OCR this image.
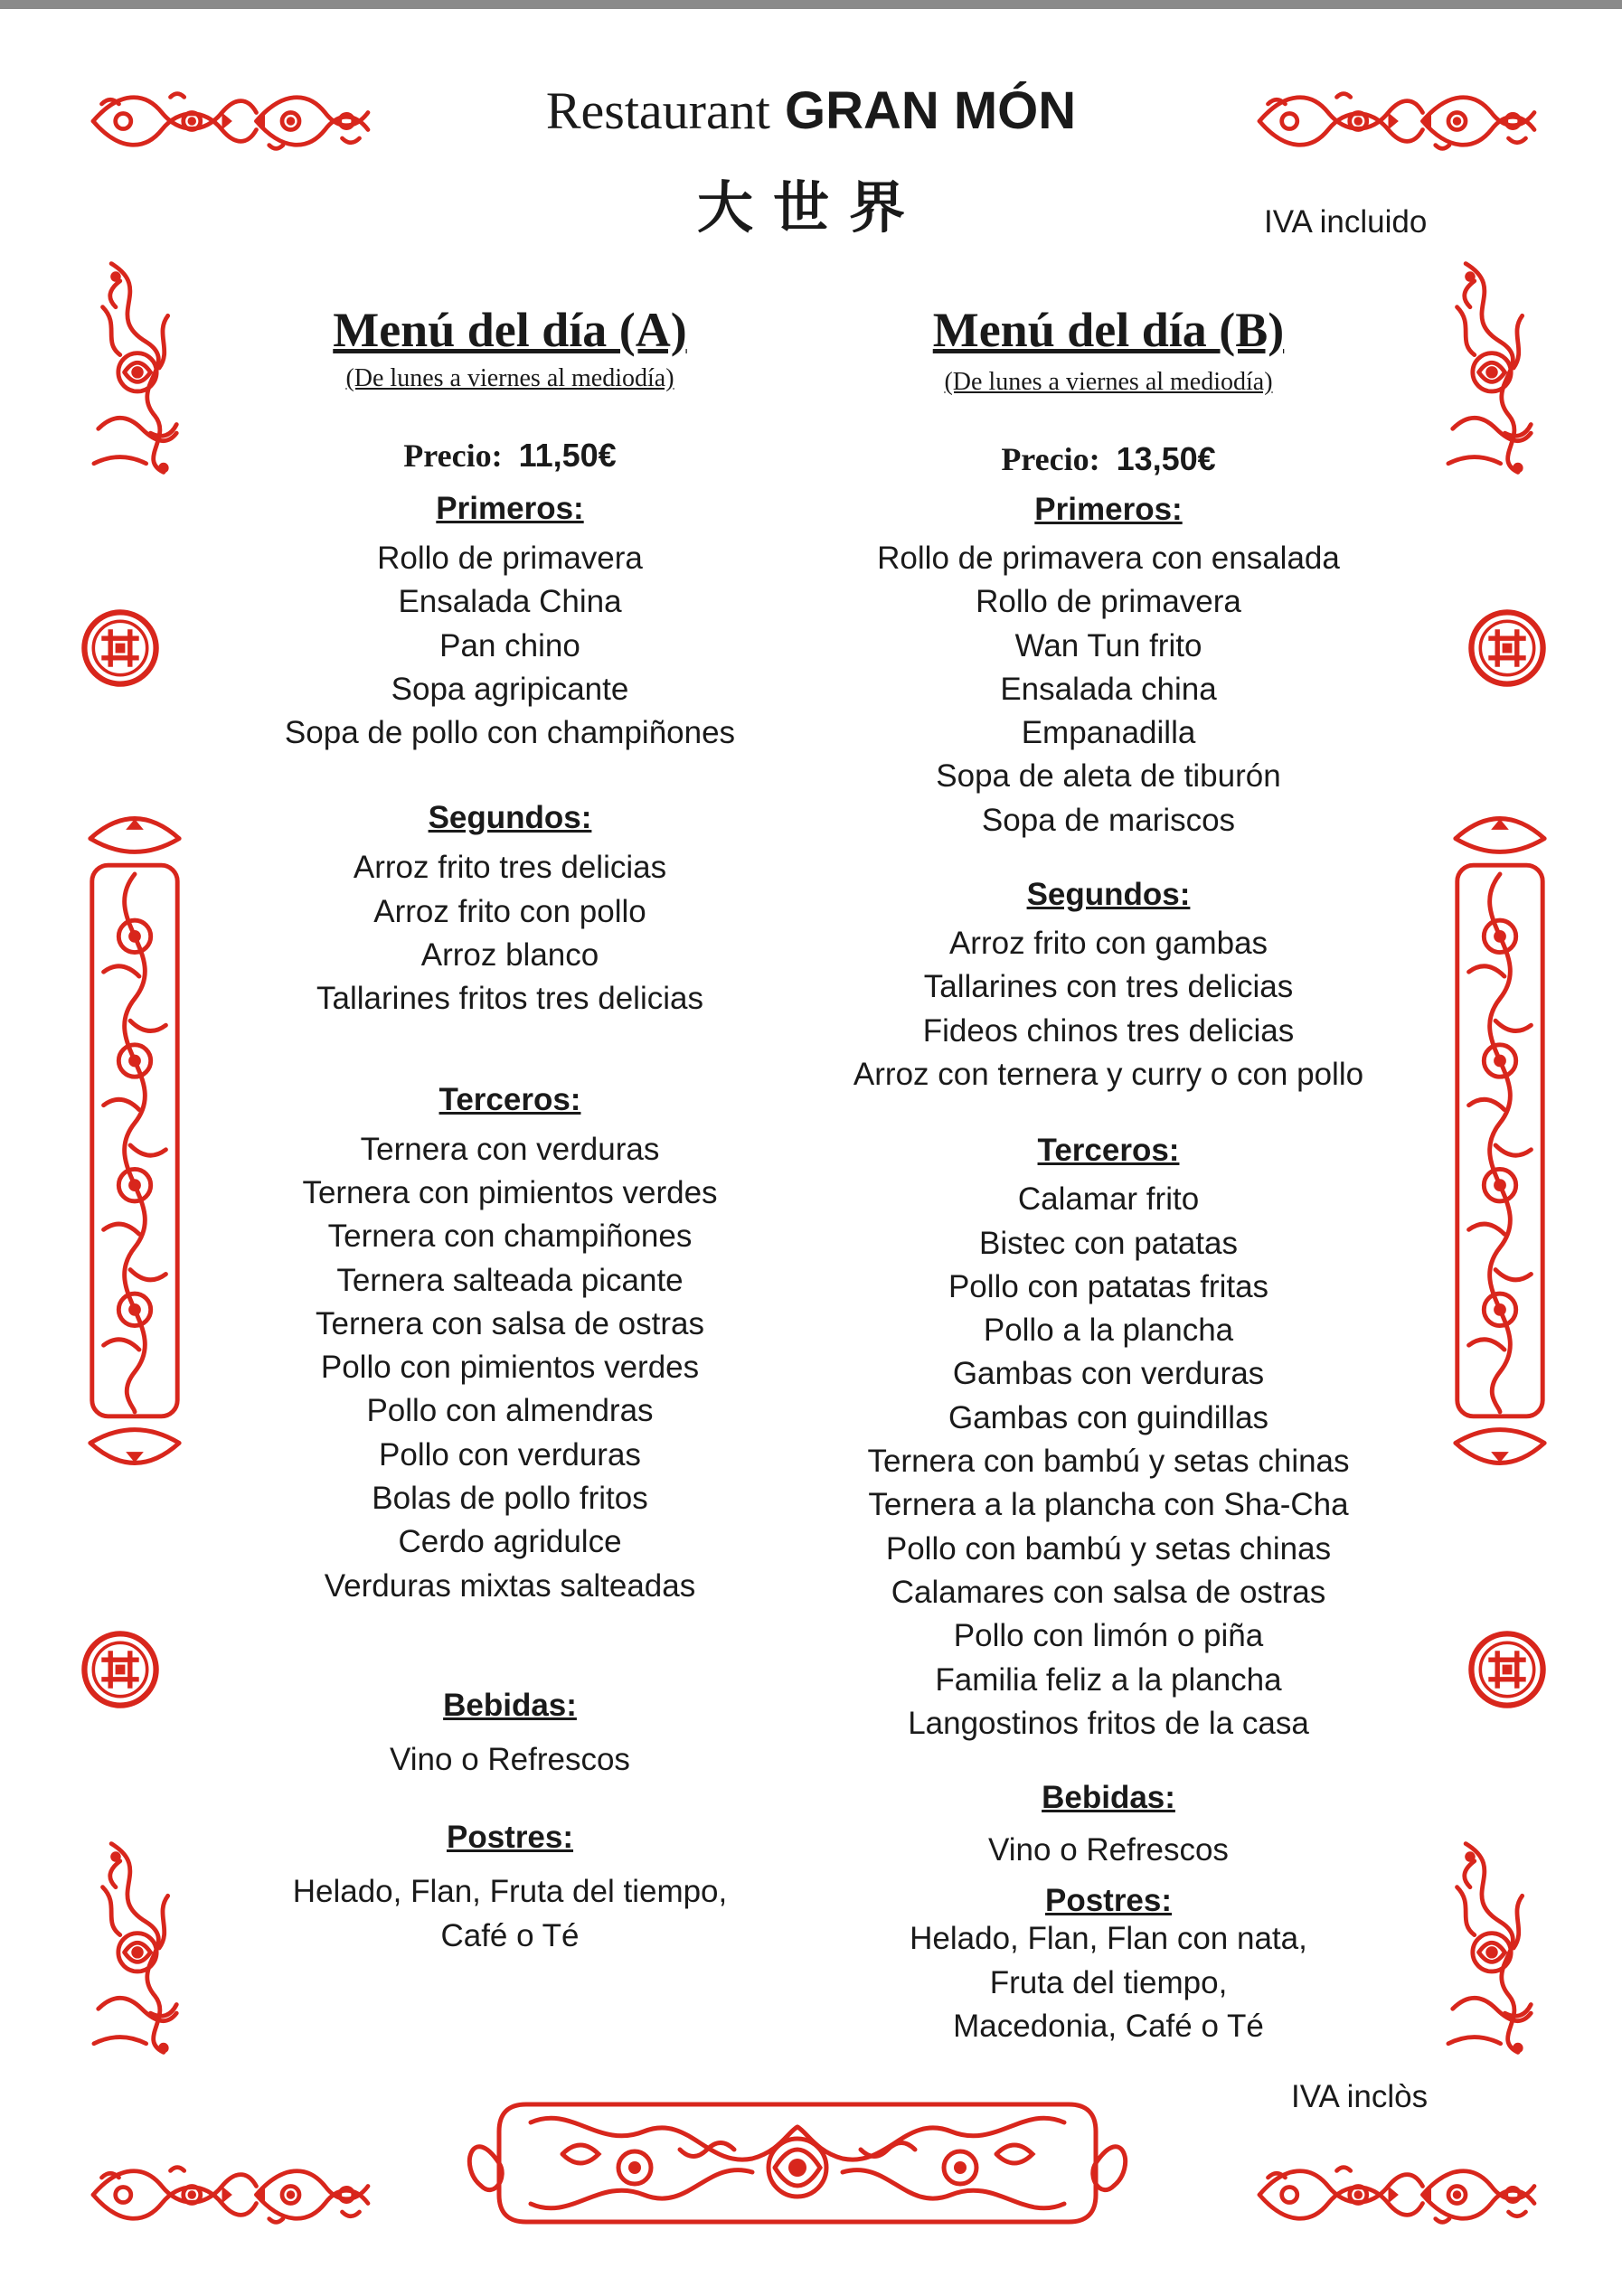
Restaurant GRAN MÓN
大世界	IVA incluido
Menú del día (A)
(De lunes a viernes al mediodía)
Precio: 11,50€
Primeros:
Rollo de primavera
Ensalada China
Pan chino
Sopa agripicante
Sopa de pollo con champiñones
Segundos:
Arroz frito tres delicias
Arroz frito con pollo
Arroz blanco
Tallarines fritos tres delicias
Terceros:
Ternera con verduras
Ternera con pimientos verdes
Ternera con champiñones
Ternera salteada picante
Ternera con salsa de ostras
Pollo con pimientos verdes
Pollo con almendras
Pollo con verduras
Bolas de pollo fritos
Cerdo agridulce
Verduras mixtas salteadas
Bebidas:
Vino o Refrescos
Postres:
Helado, Flan, Fruta del tiempo,
Café o Té
Menú del día (B)
(De lunes a viernes al mediodía)
Precio: 13,50€
Primeros:
Rollo de primavera con ensalada
Rollo de primavera
Wan Tun frito
Ensalada china
Empanadilla
Sopa de aleta de tiburón
Sopa de mariscos
Segundos:
Arroz frito con gambas
Tallarines con tres delicias
Fideos chinos tres delicias
Arroz con ternera y curry o con pollo
Terceros:
Calamar frito
Bistec con patatas
Pollo con patatas fritas
Pollo a la plancha
Gambas con verduras
Gambas con guindillas
Ternera con bambú y setas chinas
Ternera a la plancha con Sha-Cha
Pollo con bambú y setas chinas
Calamares con salsa de ostras
Pollo con limón o piña
Familia feliz a la plancha
Langostinos fritos de la casa
Bebidas:
Vino o Refrescos
Postres:
Helado, Flan, Flan con nata,
Fruta del tiempo,
Macedonia, Café o Té
IVA inclòs
